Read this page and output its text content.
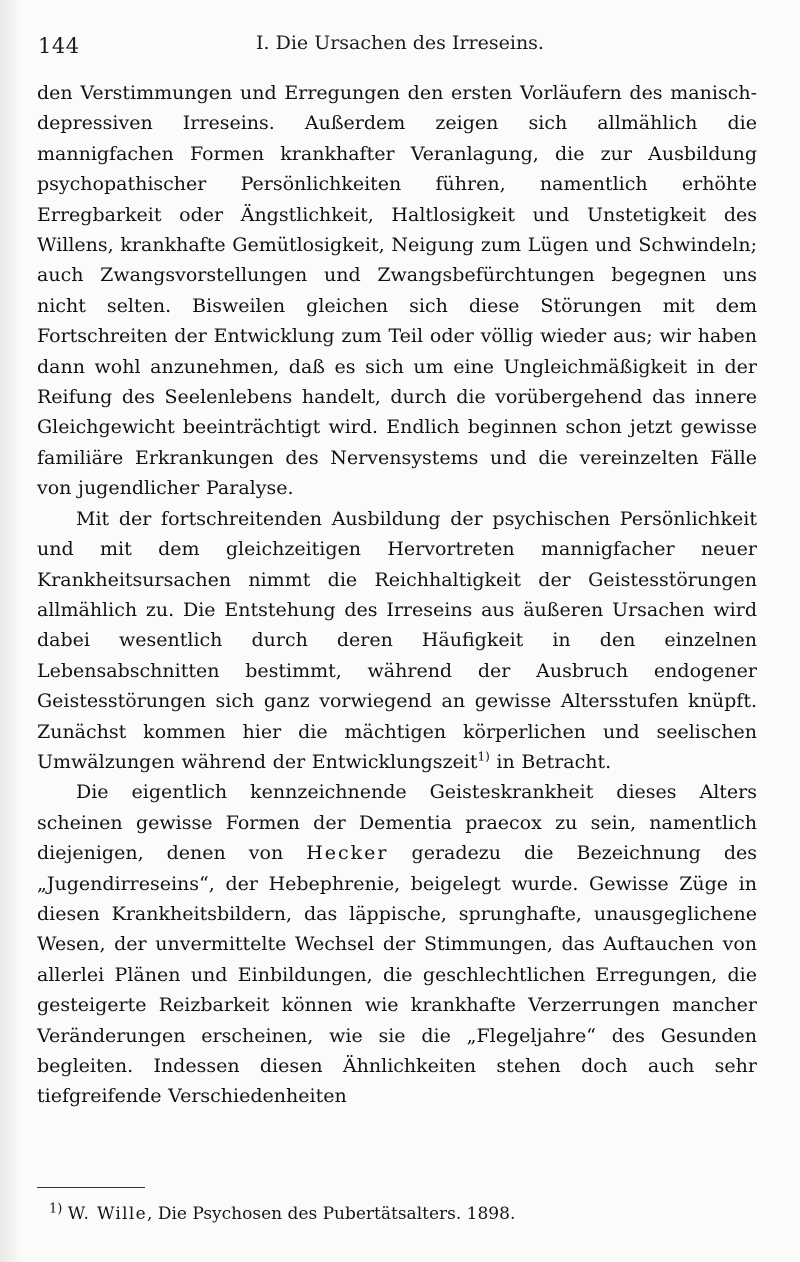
144	I. Die Ursachen des Irreseins.

den Verstimmungen und Erregungen den ersten Vorläufern des manisch-depressiven Irreseins. Außerdem zeigen sich allmählich die mannigfachen Formen krankhafter Veranlagung, die zur Ausbildung psychopathischer Persönlichkeiten führen, namentlich erhöhte Erregbarkeit oder Ängstlichkeit, Haltlosigkeit und Unstetigkeit des Willens, krankhafte Gemütlosigkeit, Neigung zum Lügen und Schwindeln; auch Zwangsvorstellungen und Zwangsbefürchtungen begegnen uns nicht selten. Bisweilen gleichen sich diese Störungen mit dem Fortschreiten der Entwicklung zum Teil oder völlig wieder aus; wir haben dann wohl anzunehmen, daß es sich um eine Ungleichmäßigkeit in der Reifung des Seelenlebens handelt, durch die vorübergehend das innere Gleichgewicht beeinträchtigt wird. Endlich beginnen schon jetzt gewisse familiäre Erkrankungen des Nervensystems und die vereinzelten Fälle von jugendlicher Paralyse.

Mit der fortschreitenden Ausbildung der psychischen Persönlichkeit und mit dem gleichzeitigen Hervortreten mannigfacher neuer Krankheitsursachen nimmt die Reichhaltigkeit der Geistesstörungen allmählich zu. Die Entstehung des Irreseins aus äußeren Ursachen wird dabei wesentlich durch deren Häufigkeit in den einzelnen Lebensabschnitten bestimmt, während der Ausbruch endogener Geistesstörungen sich ganz vorwiegend an gewisse Altersstufen knüpft. Zunächst kommen hier die mächtigen körperlichen und seelischen Umwälzungen während der Entwicklungszeit$^{1)}$ in Betracht.

Die eigentlich kennzeichnende Geisteskrankheit dieses Alters scheinen gewisse Formen der Dementia praecox zu sein, namentlich diejenigen, denen von Hecker geradezu die Bezeichnung des „Jugendirreseins“, der Hebephrenie, beigelegt wurde. Gewisse Züge in diesen Krankheitsbildern, das läppische, sprunghafte, unausgeglichene Wesen, der unvermittelte Wechsel der Stimmungen, das Auftauchen von allerlei Plänen und Einbildungen, die geschlechtlichen Erregungen, die gesteigerte Reizbarkeit können wie krankhafte Verzerrungen mancher Veränderungen erscheinen, wie sie die „Flegeljahre“ des Gesunden begleiten. Indessen diesen Ähnlichkeiten stehen doch auch sehr tiefgreifende Verschiedenheiten

$^{1)}$ W. Wille, Die Psychosen des Pubertätsalters. 1898.
